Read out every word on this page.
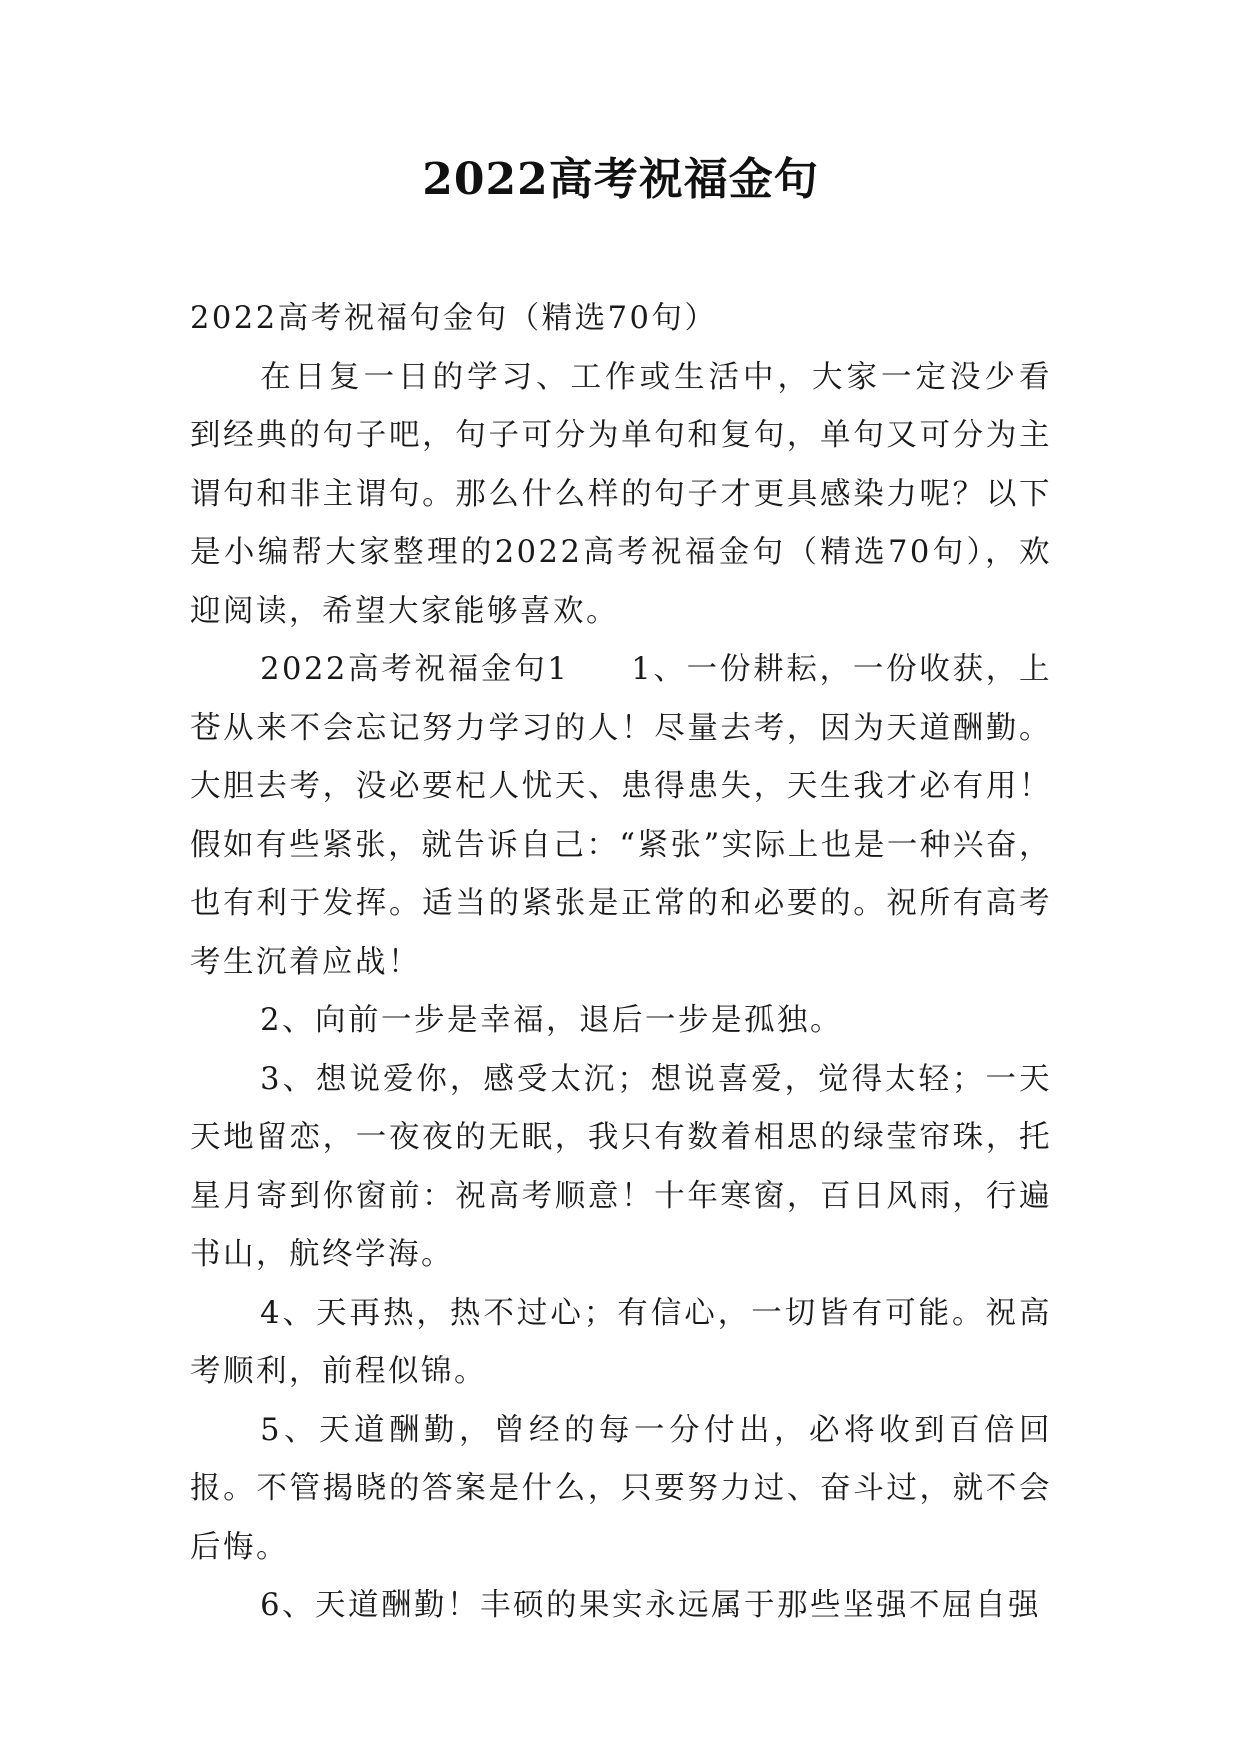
2022高考祝福金句

2022高考祝福句金句（精选70句）

在日复一日的学习、工作或生活中，大家一定没少看到经典的句子吧，句子可分为单句和复句，单句又可分为主谓句和非主谓句。那么什么样的句子才更具感染力呢？以下是小编帮大家整理的2022高考祝福金句（精选70句），欢迎阅读，希望大家能够喜欢。

2022高考祝福金句1 1、一份耕耘，一份收获，上苍从来不会忘记努力学习的人！尽量去考，因为天道酬勤。大胆去考，没必要杞人忧天、患得患失，天生我才必有用！假如有些紧张，就告诉自己：“紧张”实际上也是一种兴奋，也有利于发挥。适当的紧张是正常的和必要的。祝所有高考考生沉着应战！

2、向前一步是幸福，退后一步是孤独。

3、想说爱你，感受太沉；想说喜爱，觉得太轻；一天天地留恋，一夜夜的无眠，我只有数着相思的绿莹帘珠，托星月寄到你窗前：祝高考顺意！十年寒窗，百日风雨，行遍书山，航终学海。

4、天再热，热不过心；有信心，一切皆有可能。祝高考顺利，前程似锦。

5、天道酬勤，曾经的每一分付出，必将收到百倍回报。不管揭晓的答案是什么，只要努力过、奋斗过，就不会后悔。

6、天道酬勤！丰硕的果实永远属于那些坚强不屈自强
